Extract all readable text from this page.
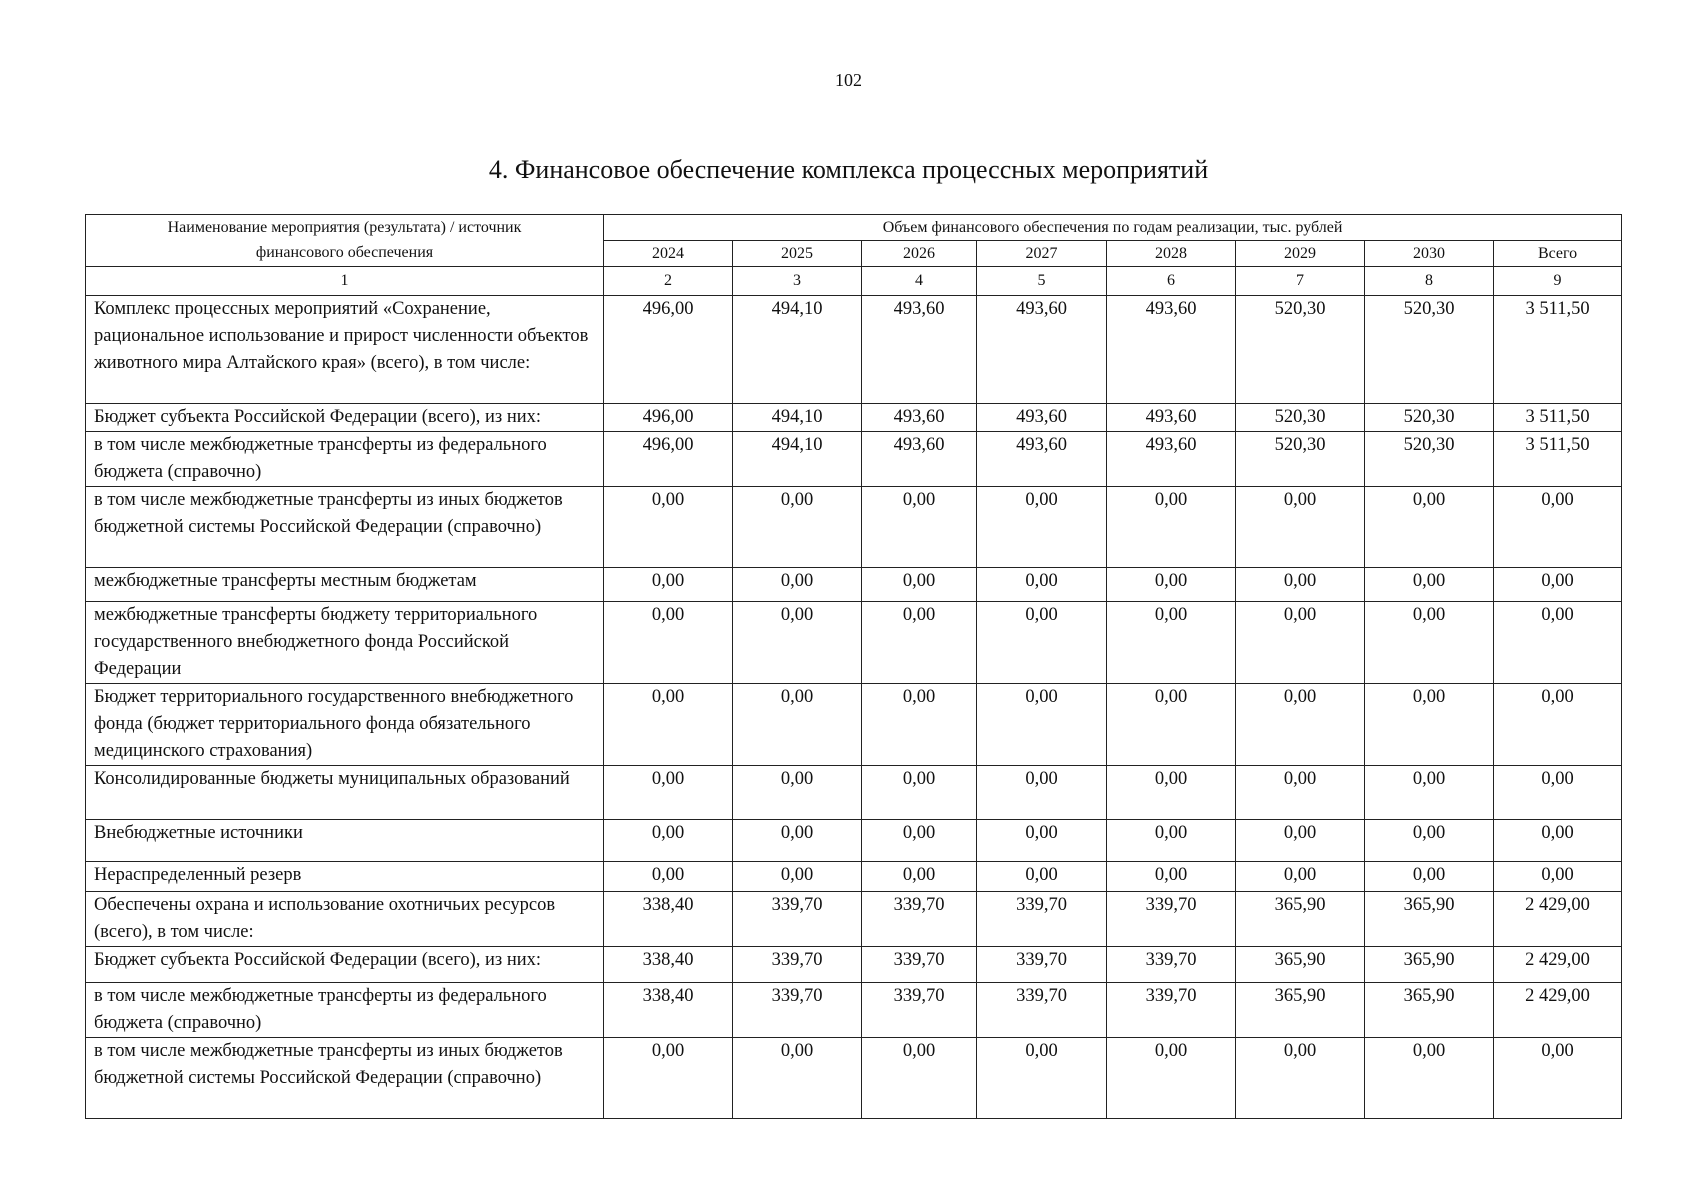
102
4. Финансовое обеспечение комплекса процессных мероприятий
Наименование мероприятия (результата) / источник финансового обеспечения	Объем финансового обеспечения по годам реализации, тыс. рублей							
	2024	2025	2026	2027	2028	2029	2030	Всего
1	2	3	4	5	6	7	8	9
Комплекс процессных мероприятий «Сохранение, рациональное использование и прирост численности объектов животного мира Алтайского края» (всего), в том числе:	496,00	494,10	493,60	493,60	493,60	520,30	520,30	3 511,50
Бюджет субъекта Российской Федерации (всего), из них:	496,00	494,10	493,60	493,60	493,60	520,30	520,30	3 511,50
в том числе межбюджетные трансферты из федерального бюджета (справочно)	496,00	494,10	493,60	493,60	493,60	520,30	520,30	3 511,50
в том числе межбюджетные трансферты из иных бюджетов бюджетной системы Российской Федерации (справочно)	0,00	0,00	0,00	0,00	0,00	0,00	0,00	0,00
межбюджетные трансферты местным бюджетам	0,00	0,00	0,00	0,00	0,00	0,00	0,00	0,00
межбюджетные трансферты бюджету территориального государственного внебюджетного фонда Российской Федерации	0,00	0,00	0,00	0,00	0,00	0,00	0,00	0,00
Бюджет территориального государственного внебюджетного фонда (бюджет территориального фонда обязательного медицинского страхования)	0,00	0,00	0,00	0,00	0,00	0,00	0,00	0,00
Консолидированные бюджеты муниципальных образований	0,00	0,00	0,00	0,00	0,00	0,00	0,00	0,00
Внебюджетные источники	0,00	0,00	0,00	0,00	0,00	0,00	0,00	0,00
Нераспределенный резерв	0,00	0,00	0,00	0,00	0,00	0,00	0,00	0,00
Обеспечены охрана и использование охотничьих ресурсов (всего), в том числе:	338,40	339,70	339,70	339,70	339,70	365,90	365,90	2 429,00
Бюджет субъекта Российской Федерации (всего), из них:	338,40	339,70	339,70	339,70	339,70	365,90	365,90	2 429,00
в том числе межбюджетные трансферты из федерального бюджета (справочно)	338,40	339,70	339,70	339,70	339,70	365,90	365,90	2 429,00
в том числе межбюджетные трансферты из иных бюджетов бюджетной системы Российской Федерации (справочно)	0,00	0,00	0,00	0,00	0,00	0,00	0,00	0,00
